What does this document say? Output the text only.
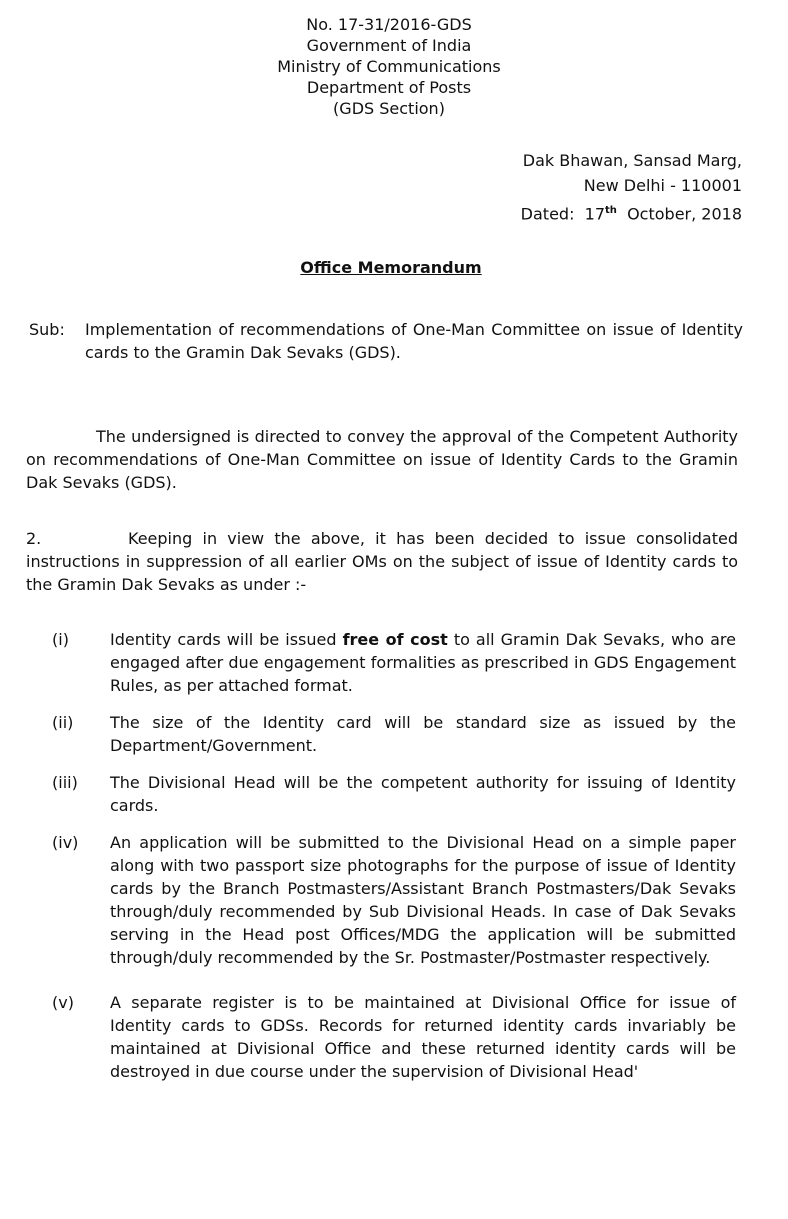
No. 17-31/2016-GDS
Government of India
Ministry of Communications
Department of Posts
(GDS Section)
Dak Bhawan, Sansad Marg,
New Delhi - 110001
Dated: 17th October, 2018
Office Memorandum
Sub: Implementation of recommendations of One-Man Committee on issue of Identity cards to the Gramin Dak Sevaks (GDS).
The undersigned is directed to convey the approval of the Competent Authority on recommendations of One-Man Committee on issue of Identity Cards to the Gramin Dak Sevaks (GDS).
2.	Keeping in view the above, it has been decided to issue consolidated instructions in suppression of all earlier OMs on the subject of issue of Identity cards to the Gramin Dak Sevaks as under :-
(i)	Identity cards will be issued free of cost to all Gramin Dak Sevaks, who are engaged after due engagement formalities as prescribed in GDS Engagement Rules, as per attached format.
(ii)	The size of the Identity card will be standard size as issued by the Department/Government.
(iii)	The Divisional Head will be the competent authority for issuing of Identity cards.
(iv)	An application will be submitted to the Divisional Head on a simple paper along with two passport size photographs for the purpose of issue of Identity cards by the Branch Postmasters/Assistant Branch Postmasters/Dak Sevaks through/duly recommended by Sub Divisional Heads. In case of Dak Sevaks serving in the Head post Offices/MDG the application will be submitted through/duly recommended by the Sr. Postmaster/Postmaster respectively.
(v)	A separate register is to be maintained at Divisional Office for issue of Identity cards to GDSs. Records for returned identity cards invariably be maintained at Divisional Office and these returned identity cards will be destroyed in due course under the supervision of Divisional Head'
